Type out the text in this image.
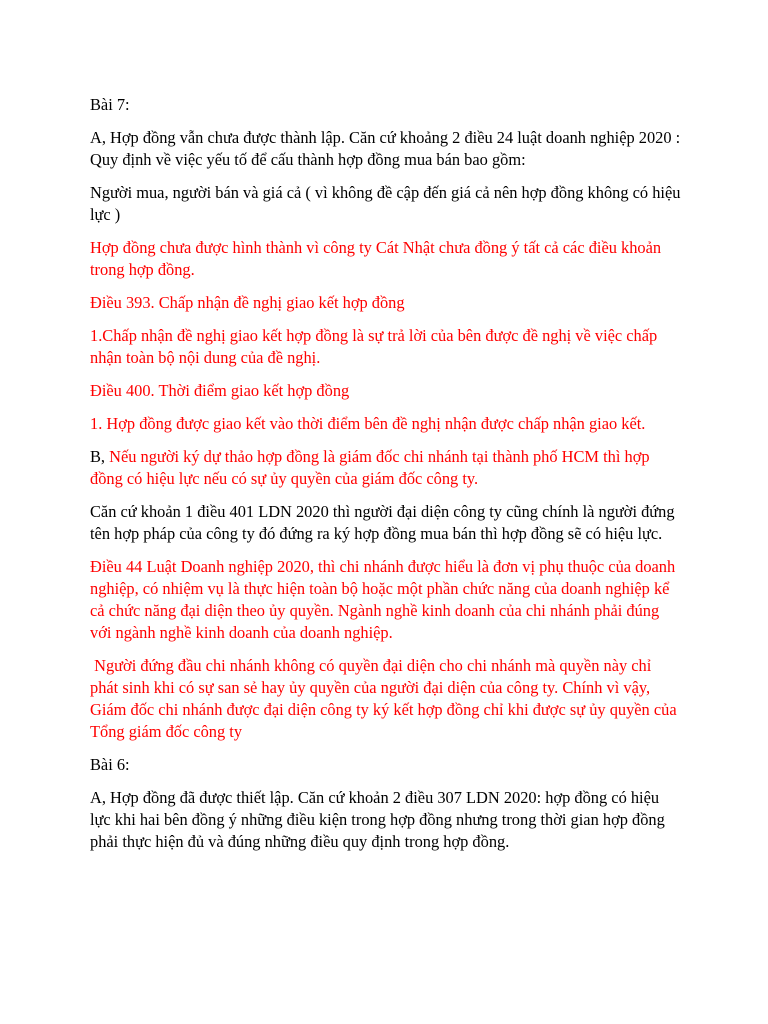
Bài 7:

A, Hợp đồng vẫn chưa được thành lập. Căn cứ khoảng 2 điều 24 luật doanh nghiệp 2020 : Quy định về việc yếu tố để cấu thành hợp đồng mua bán bao gồm:

Người mua, người bán và giá cả ( vì không đề cập đến giá cả nên hợp đồng không có hiệu lực )

Hợp đồng chưa được hình thành vì công ty Cát Nhật chưa đồng ý tất cả các điều khoản trong hợp đồng.

Điều 393. Chấp nhận đề nghị giao kết hợp đồng

1.Chấp nhận đề nghị giao kết hợp đồng là sự trả lời của bên được đề nghị về việc chấp nhận toàn bộ nội dung của đề nghị.

Điều 400. Thời điểm giao kết hợp đồng

1. Hợp đồng được giao kết vào thời điểm bên đề nghị nhận được chấp nhận giao kết.

B, Nếu người ký dự thảo hợp đồng là giám đốc chi nhánh tại thành phố HCM thì hợp đồng có hiệu lực nếu có sự ủy quyền của giám đốc công ty.

Căn cứ khoản 1 điều 401 LDN 2020 thì người đại diện công ty cũng chính là người đứng tên hợp pháp của công ty đó đứng ra ký hợp đồng mua bán thì hợp đồng sẽ có hiệu lực.

Điều 44 Luật Doanh nghiệp 2020, thì chi nhánh được hiểu là đơn vị phụ thuộc của doanh nghiệp, có nhiệm vụ là thực hiện toàn bộ hoặc một phần chức năng của doanh nghiệp kể cả chức năng đại diện theo ủy quyền. Ngành nghề kinh doanh của chi nhánh phải đúng với ngành nghề kinh doanh của doanh nghiệp.

Người đứng đầu chi nhánh không có quyền đại diện cho chi nhánh mà quyền này chỉ phát sinh khi có sự san sẻ hay ủy quyền của người đại diện của công ty. Chính vì vậy, Giám đốc chi nhánh được đại diện công ty ký kết hợp đồng chỉ khi được sự ủy quyền của Tổng giám đốc công ty

Bài 6:

A, Hợp đồng đã được thiết lập. Căn cứ khoản 2 điều 307 LDN 2020: hợp đồng có hiệu lực khi hai bên đồng ý những điều kiện trong hợp đồng nhưng trong thời gian hợp đồng phải thực hiện đủ và đúng những điều quy định trong hợp đồng.
